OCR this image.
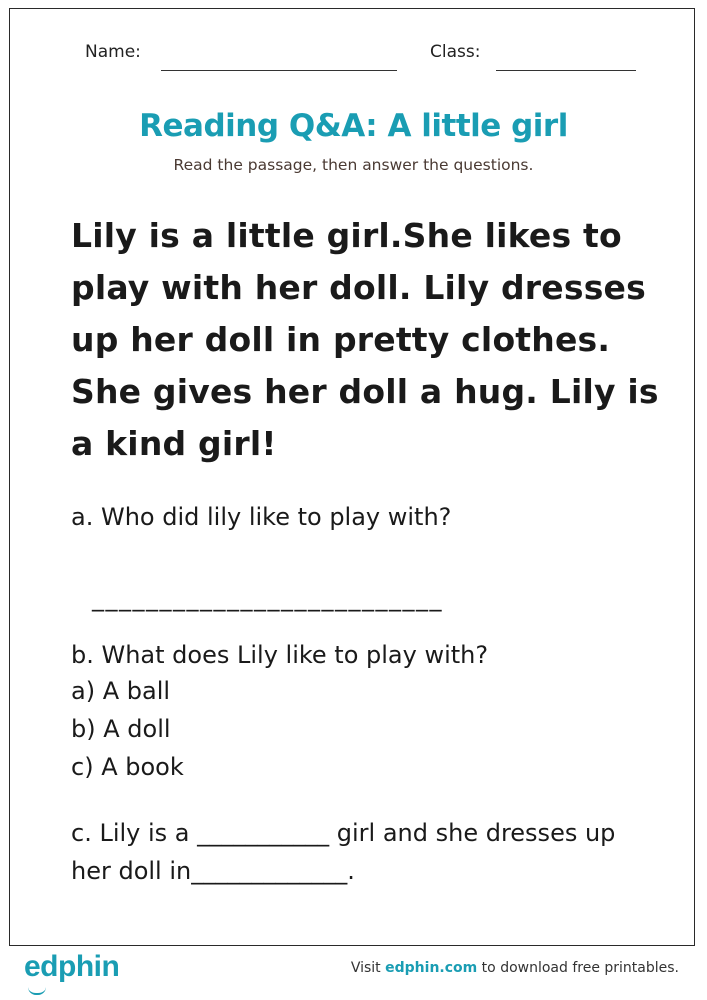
Name:	Class:
Reading Q&A: A little girl
Read the passage, then answer the questions.
Lily is a little girl.She likes to play with her doll. Lily dresses up her doll in pretty clothes. She gives her doll a hug. Lily is a kind girl!
a. Who did lily like to play with?
__________________________
b. What does Lily like to play with?
a) A ball
b) A doll
c) A book
c. Lily is a ___________ girl and she dresses up her doll in_____________.
edphin	Visit edphin.com to download free printables.
